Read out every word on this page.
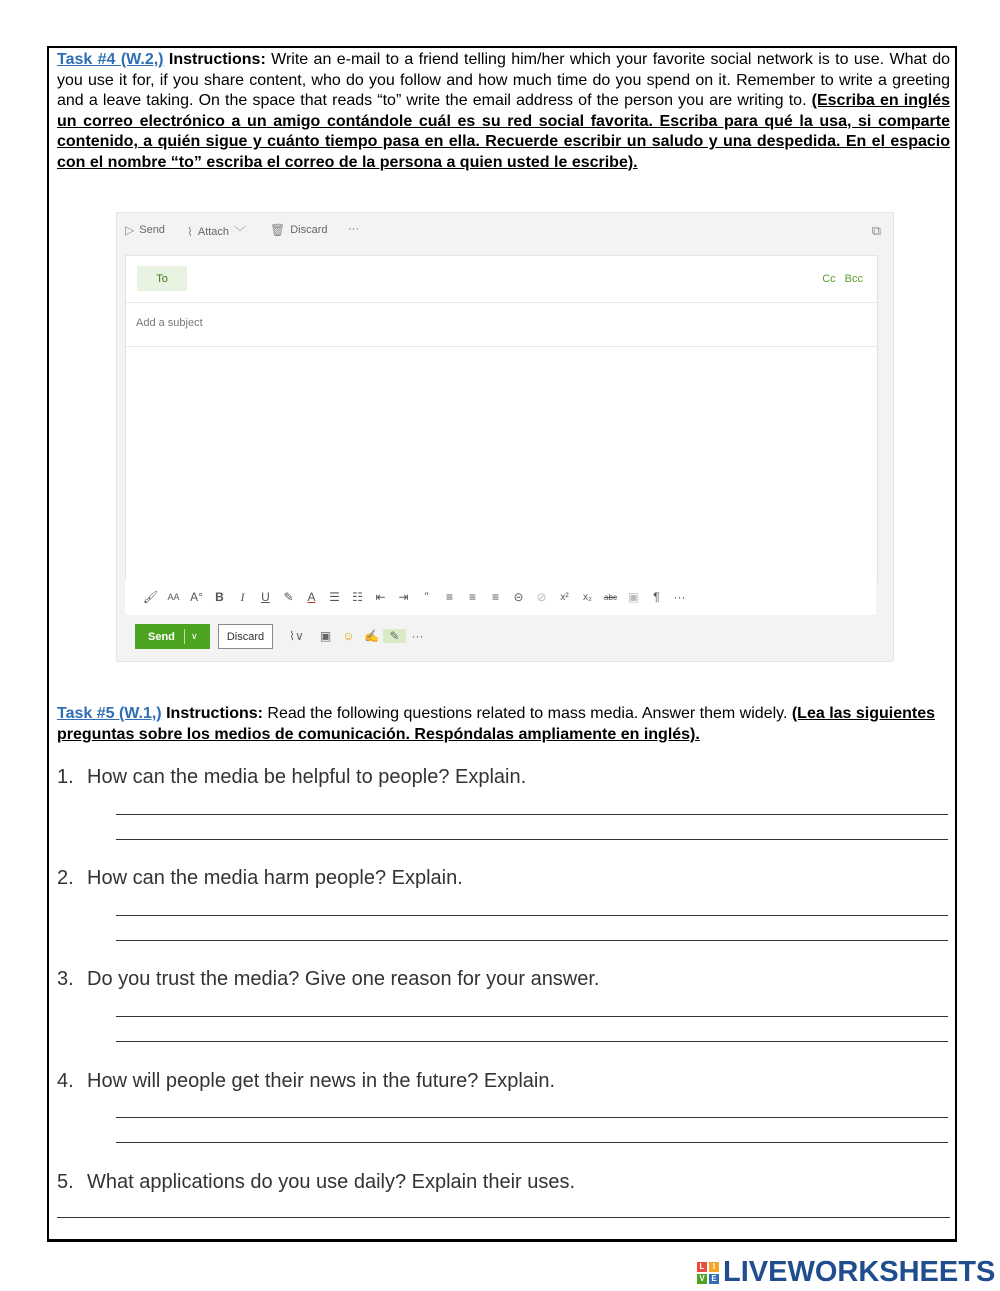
Task #4 (W.2,) Instructions: Write an e-mail to a friend telling him/her which your favorite social network is to use. What do you use it for, if you share content, who do you follow and how much time do you spend on it. Remember to write a greeting and a leave taking. On the space that reads “to” write the email address of the person you are writing to. (Escriba en inglés un correo electrónico a un amigo contándole cuál es su red social favorita. Escriba para qué la usa, si comparte contenido, a quién sigue y cuánto tiempo pasa en ella. Recuerde escribir un saludo y una despedida. En el espacio con el nombre “to” escriba el correo de la persona a quien usted le escribe).
▷ Send ⌇ Attach ﹀ 🗑 Discard ···	⧉
To	Cc Bcc
Add a subject
🖌	AA A°	B	I	U	✎	A	☰	☷	⇤	⇥	”	≡	≡	≡	⊝	⊘	x²	x₂	abc ▣	¶	···
Send	∨	Discard	⌇∨	▣ ☺ ✍ ✎ ···
Task #5 (W.1,) Instructions: Read the following questions related to mass media. Answer them widely. (Lea las siguientes preguntas sobre los medios de comunicación. Respóndalas ampliamente en inglés).
1. How can the media be helpful to people? Explain.
2. How can the media harm people? Explain.
3. Do you trust the media? Give one reason for your answer.
4. How will people get their news in the future? Explain.
5. What applications do you use daily? Explain their uses.
L	I
V E LIVEWORKSHEETS
